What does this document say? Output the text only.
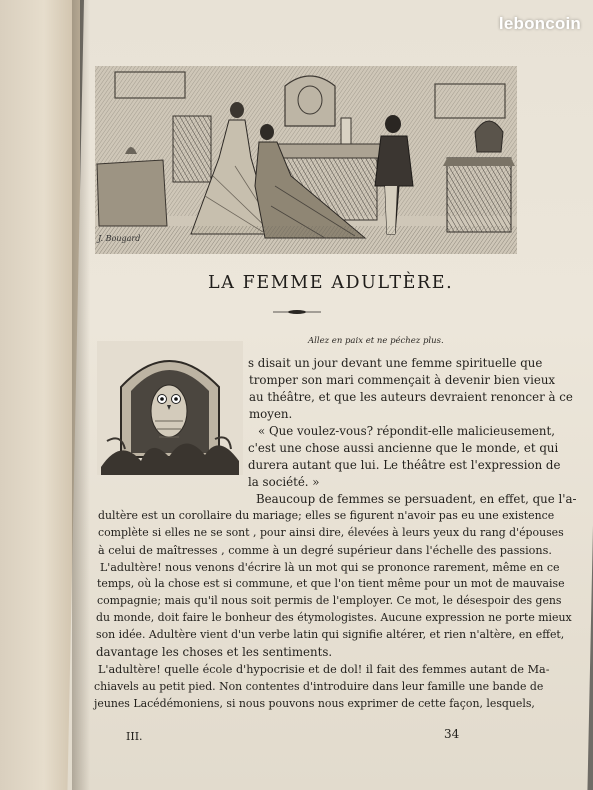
leboncoin
J. Bougard
LA FEMME ADULTÈRE.
Allez en paix et ne péchez plus.
s disait un jour devant une femme spirituelle que
tromper son mari commençait à devenir bien vieux
au théâtre, et que les auteurs devraient renoncer à ce
moyen.
« Que voulez-vous? répondit-elle malicieusement,
c'est une chose aussi ancienne que le monde, et qui
durera autant que lui. Le théâtre est l'expression de
la société. »
Beaucoup de femmes se persuadent, en effet, que l'a-
dultère est un corollaire du mariage; elles se figurent n'avoir pas eu une existence
complète si elles ne se sont , pour ainsi dire, élevées à leurs yeux du rang d'épouses
à celui de maîtresses , comme à un degré supérieur dans l'échelle des passions.
L'adultère! nous venons d'écrire là un mot qui se prononce rarement, même en ce
temps, où la chose est si commune, et que l'on tient même pour un mot de mauvaise
compagnie; mais qu'il nous soit permis de l'employer. Ce mot, le désespoir des gens
du monde, doit faire le bonheur des étymologistes. Aucune expression ne porte mieux
son idée. Adultère vient d'un verbe latin qui signifie altérer, et rien n'altère, en effet,
davantage les choses et les sentiments.
L'adultère! quelle école d'hypocrisie et de dol! il fait des femmes autant de Ma-
chiavels au petit pied. Non contentes d'introduire dans leur famille une bande de
jeunes Lacédémoniens, si nous pouvons nous exprimer de cette façon, lesquels,
III.	34
